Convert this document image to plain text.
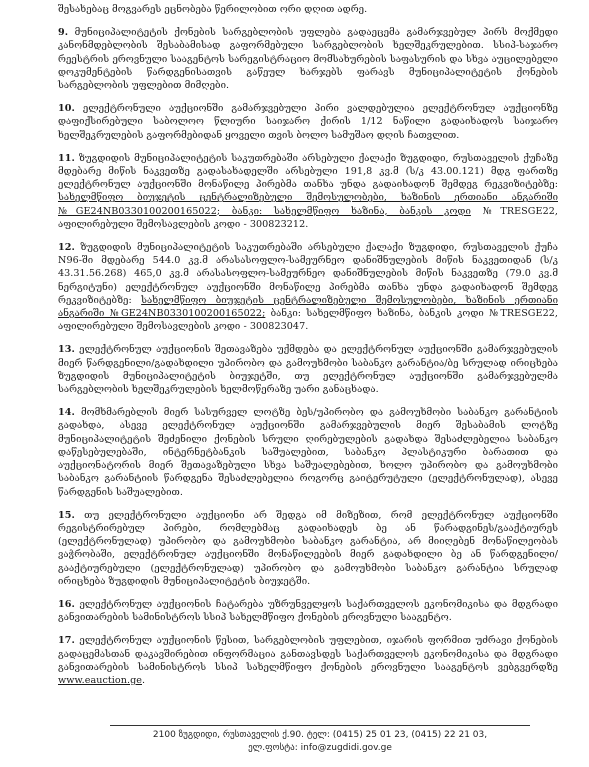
შესახებაც მოგვარეს ეცნობება წერილობით ორი დღით ადრე.

9. მუნიციპალიტეტის ქონების სარგებლობის უფლება გადაეცემა გამარჯვებულ პირს მოქმედი კანონმდებლობის შესაბამისად გაფორმებული სარგებლობის ხელშეკრულებით. სსიპ-საჯარო რეესტრის ეროვნული სააგენტოს სარეგისტრაციო მომსახურების საფასურის და სხვა აუცილებელი დოკუმენტების წარდგენისათვის გაწეულ ხარჯებს ფარავს მუნიციპალიტეტის ქონების სარგებლობის უფლებით მიმღები.

10. ელექტრონული აუქციონში გამარჯვებული პირი ვალდებულია ელექტრონულ აუქციონზე დაფიქსირებული საბოლოო წლიური საიჯარო ქირის 1/12 ნაწილი გადაიხადოს საიჯარო ხელშეკრულების გაფორმებიდან ყოველი თვის ბოლო სამუშაო დღის ჩათვლით.

11. ზუგდიდის მუნიციპალიტეტის საკუთრებაში არსებული ქალაქი ზუგდიდი, რუსთაველის ქუჩაზე მდებარე მიწის ნაკვეთზე გადასახადელში არსებული 191,8 კვ.მ (ს/კ 43.00.121) მდგ ფართზე ელექტრონულ აუქციონში მონაწილე პირებმა თანხა უნდა გადაიხადონ შემდეგ რეკვიზიტებზე: სახელმწიფო ბიუჯეტის ცენტრალიზებული შემოსულობები, ხაზინის ერთიანი ანგარიში №GE24NB0330100200165022; ბანკი: სახელმწიფო ხაზინა, ბანკის კოდი №TRESGE22, აფილირებული შემოსავლების კოდი - 300823212.

12. ზუგდიდის მუნიციპალიტეტის საკუთრებაში არსებული ქალაქი ზუგდიდი, რუსთაველის ქუჩა N96-ში მდებარე 544.0 კვ.მ არასასოფლო-სამეურნეო დანიშნულების მიწის ნაკვეთიდან (ს/კ 43.31.56.268) 465,0 კვ.მ არასასოფლო-სამეურნეო დანიშნულების მიწის ნაკვეთზე (79.0 კვ.მ ნერგიტუნი) ელექტრონულ აუქციონში მონაწილე პირებმა თანხა უნდა გადაიხადონ შემდეგ რეკვიზიტებზე: სახელმწიფო ბიუჯეტის ცენტრალიზებული შემოსულობები, ხაზინის ერთიანი ანგარიში №GE24NB0330100200165022; ბანკი: სახელმწიფო ხაზინა, ბანკის კოდი №TRESGE22, აფილირებული შემოსავლების კოდი - 300823047.

13. ელექტრონულ აუქციონის შეთავაზება უქმდება და ელექტრონულ აუქციონში გამარჯვებულის მიერ წარდგენილი/გადახდილი უპირობო და გამოუხმობი საბანკო გარანტია/ბე სრულად ირიცხება ზუგდიდის მუნიციპალიტეტის ბიუჯეტში, თუ ელექტრონულ აუქციონში გამარჯვებულმა სარგებლობის ხელშეკრულების ხელმოწერაზე უარი განაცხადა.

14. მომხმარებლის მიერ სასურველ ლოტზე ბეს/უპირობო და გამოუხმობი საბანკო გარანტიის გადახდა, ასევე ელექტრონულ აუქციონში გამარჯვებულის მიერ შესაბამის ლოტზე მუნიციპალიტეტის შეძენილი ქონების სრული ღირებულების გადახდა შესაძლებელია საბანკო დაწესებულებაში, ინტერნეტბანკის საშუალებით, საბანკო პლასტიკური ბარათით და აუქციონატორის მიერ შეთავაზებული სხვა საშუალებებით, ხოლო უპირობო და გამოუხმობი საბანკო გარანტიის წარდგენა შესაძლებელია როგორც გაიტერუტული (ელექტრონულად), ასევე წარდგენის საშუალებით.

15. თუ ელექტრონული აუქციონი არ შედგა იმ მიზეზით, რომ ელექტრონულ აუქციონში რეგისტრირებულ პირები, რომლებმაც გადაიხადეს ბე ან წარადგინეს/გააქტიურეს (ელექტრონულად) უპირობო და გამოუხმობი საბანკო გარანტია, არ მიიღებენ მონაწილეობას ვაჭრობაში, ელექტრონულ აუქციონში მონაწილეების მიერ გადახდილი ბე ან წარდგენილი/გააქტიურებული (ელექტრონულად) უპირობო და გამოუხმობი საბანკო გარანტია სრულად ირიცხება ზუგდიდის მუნიციპალიტეტის ბიუჯეტში.

16. ელექტრონულ აუქციონის ჩატარება უზრუნველყოს საქართველოს ეკონომიკისა და მდგრადი განვითარების სამინისტროს სსიპ სახელმწიფო ქონების ეროვნული სააგენტო.

17. ელექტრონულ აუქციონის წესით, სარგებლობის უფლებით, იჯარის ფორმით უძრავი ქონების გადაცემასთან დაკავშირებით ინფორმაცია განთავსდეს საქართველოს ეკონომიკისა და მდგრადი განვითარების სამინისტროს სსიპ სახელმწიფო ქონების ეროვნული სააგენტოს ვებგვერდზე www.eauction.ge.

2100 ზუგდიდი, რუსთაველის ქ.90. ტელ: (0415) 25 01 23, (0415) 22 21 03,
ელ.ფოსტა: info@zugdidi.gov.ge
